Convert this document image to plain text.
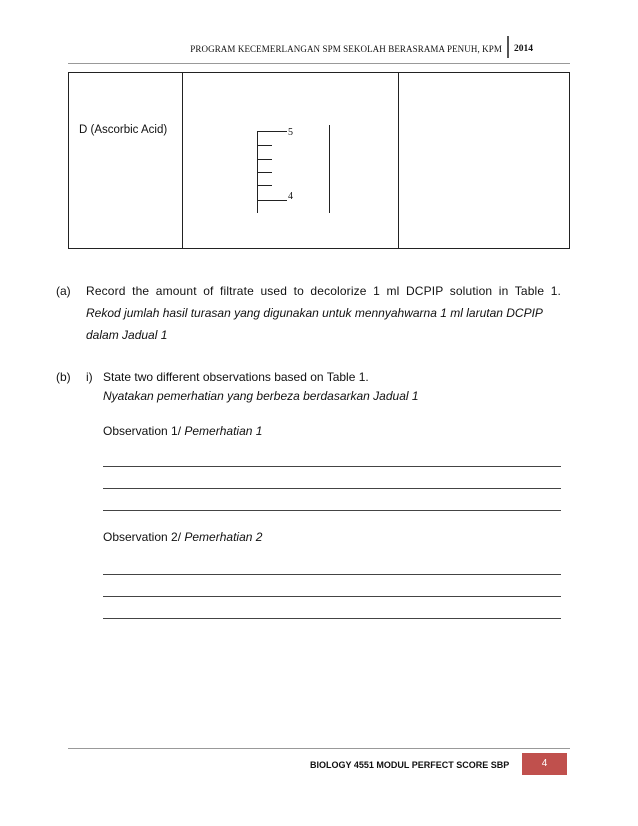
PROGRAM KECEMERLANGAN SPM SEKOLAH BERASRAMA PENUH, KPM 2014
D (Ascorbic Acid)	5
4
(a) Record the amount of filtrate used to decolorize 1 ml DCPIP solution in Table 1.
Rekod jumlah hasil turasan yang digunakan untuk mennyahwarna 1 ml larutan DCPIP
dalam Jadual 1
(b) i) State two different observations based on Table 1.
Nyatakan pemerhatian yang berbeza berdasarkan Jadual 1
Observation 1/ Pemerhatian 1
Observation 2/ Pemerhatian 2
BIOLOGY 4551 MODUL PERFECT SCORE SBP	4
